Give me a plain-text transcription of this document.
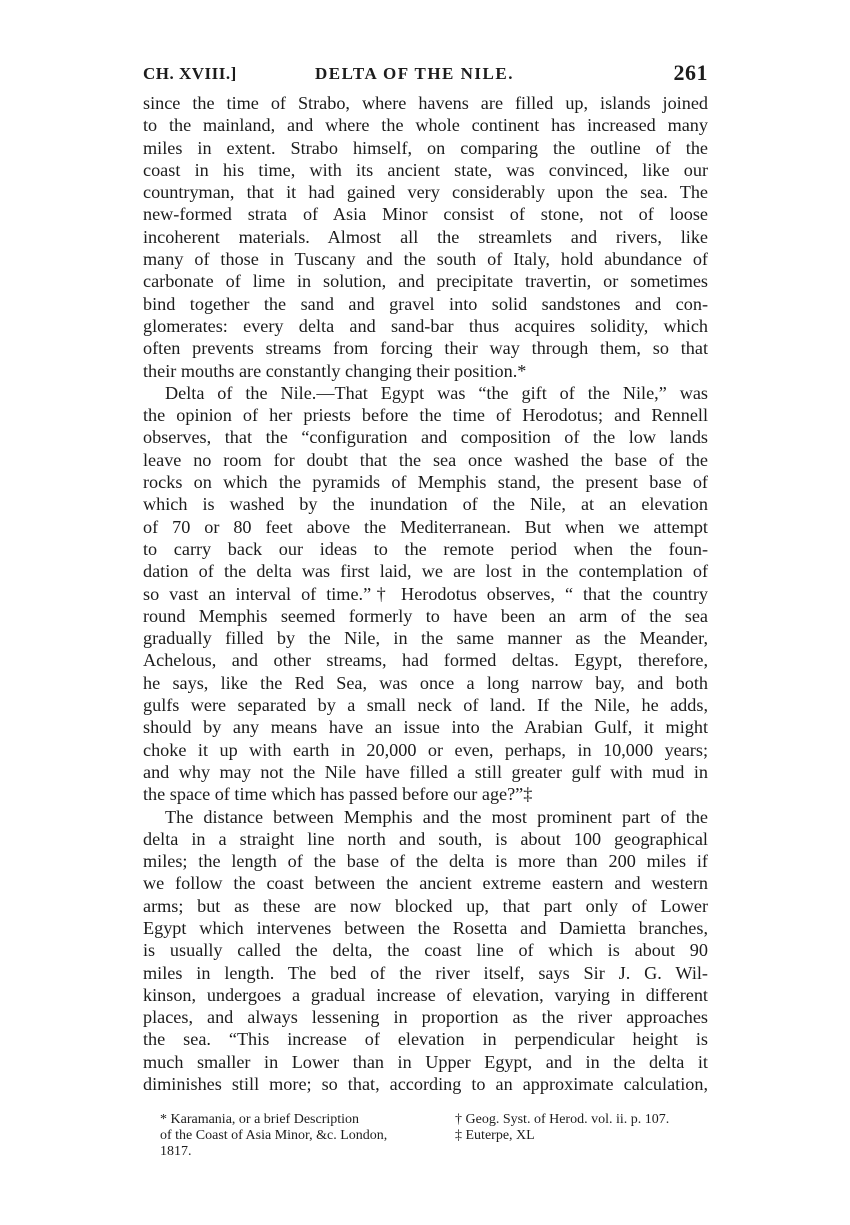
CH. XVIII.]	DELTA OF THE NILE.	261
since the time of Strabo, where havens are filled up, islands joined
to the mainland, and where the whole continent has increased many
miles in extent. Strabo himself, on comparing the outline of the
coast in his time, with its ancient state, was convinced, like our
countryman, that it had gained very considerably upon the sea. The
new-formed strata of Asia Minor consist of stone, not of loose
incoherent materials. Almost all the streamlets and rivers, like
many of those in Tuscany and the south of Italy, hold abundance of
carbonate of lime in solution, and precipitate travertin, or sometimes
bind together the sand and gravel into solid sandstones and con-
glomerates: every delta and sand-bar thus acquires solidity, which
often prevents streams from forcing their way through them, so that
their mouths are constantly changing their position.*
Delta of the Nile.—That Egypt was “the gift of the Nile,” was
the opinion of her priests before the time of Herodotus; and Rennell
observes, that the “configuration and composition of the low lands
leave no room for doubt that the sea once washed the base of the
rocks on which the pyramids of Memphis stand, the present base of
which is washed by the inundation of the Nile, at an elevation
of 70 or 80 feet above the Mediterranean. But when we attempt
to carry back our ideas to the remote period when the foun-
dation of the delta was first laid, we are lost in the contemplation of
so vast an interval of time.”† Herodotus observes, “ that the country
round Memphis seemed formerly to have been an arm of the sea
gradually filled by the Nile, in the same manner as the Meander,
Achelous, and other streams, had formed deltas. Egypt, therefore,
he says, like the Red Sea, was once a long narrow bay, and both
gulfs were separated by a small neck of land. If the Nile, he adds,
should by any means have an issue into the Arabian Gulf, it might
choke it up with earth in 20,000 or even, perhaps, in 10,000 years;
and why may not the Nile have filled a still greater gulf with mud in
the space of time which has passed before our age?”‡
The distance between Memphis and the most prominent part of the
delta in a straight line north and south, is about 100 geographical
miles; the length of the base of the delta is more than 200 miles if
we follow the coast between the ancient extreme eastern and western
arms; but as these are now blocked up, that part only of Lower
Egypt which intervenes between the Rosetta and Damietta branches,
is usually called the delta, the coast line of which is about 90
miles in length. The bed of the river itself, says Sir J. G. Wil-
kinson, undergoes a gradual increase of elevation, varying in different
places, and always lessening in proportion as the river approaches
the sea. “This increase of elevation in perpendicular height is
much smaller in Lower than in Upper Egypt, and in the delta it
diminishes still more; so that, according to an approximate calculation,
* Karamania, or a brief Description
of the Coast of Asia Minor, &c. London,
1817.
† Geog. Syst. of Herod. vol. ii. p. 107.
‡ Euterpe, XL
